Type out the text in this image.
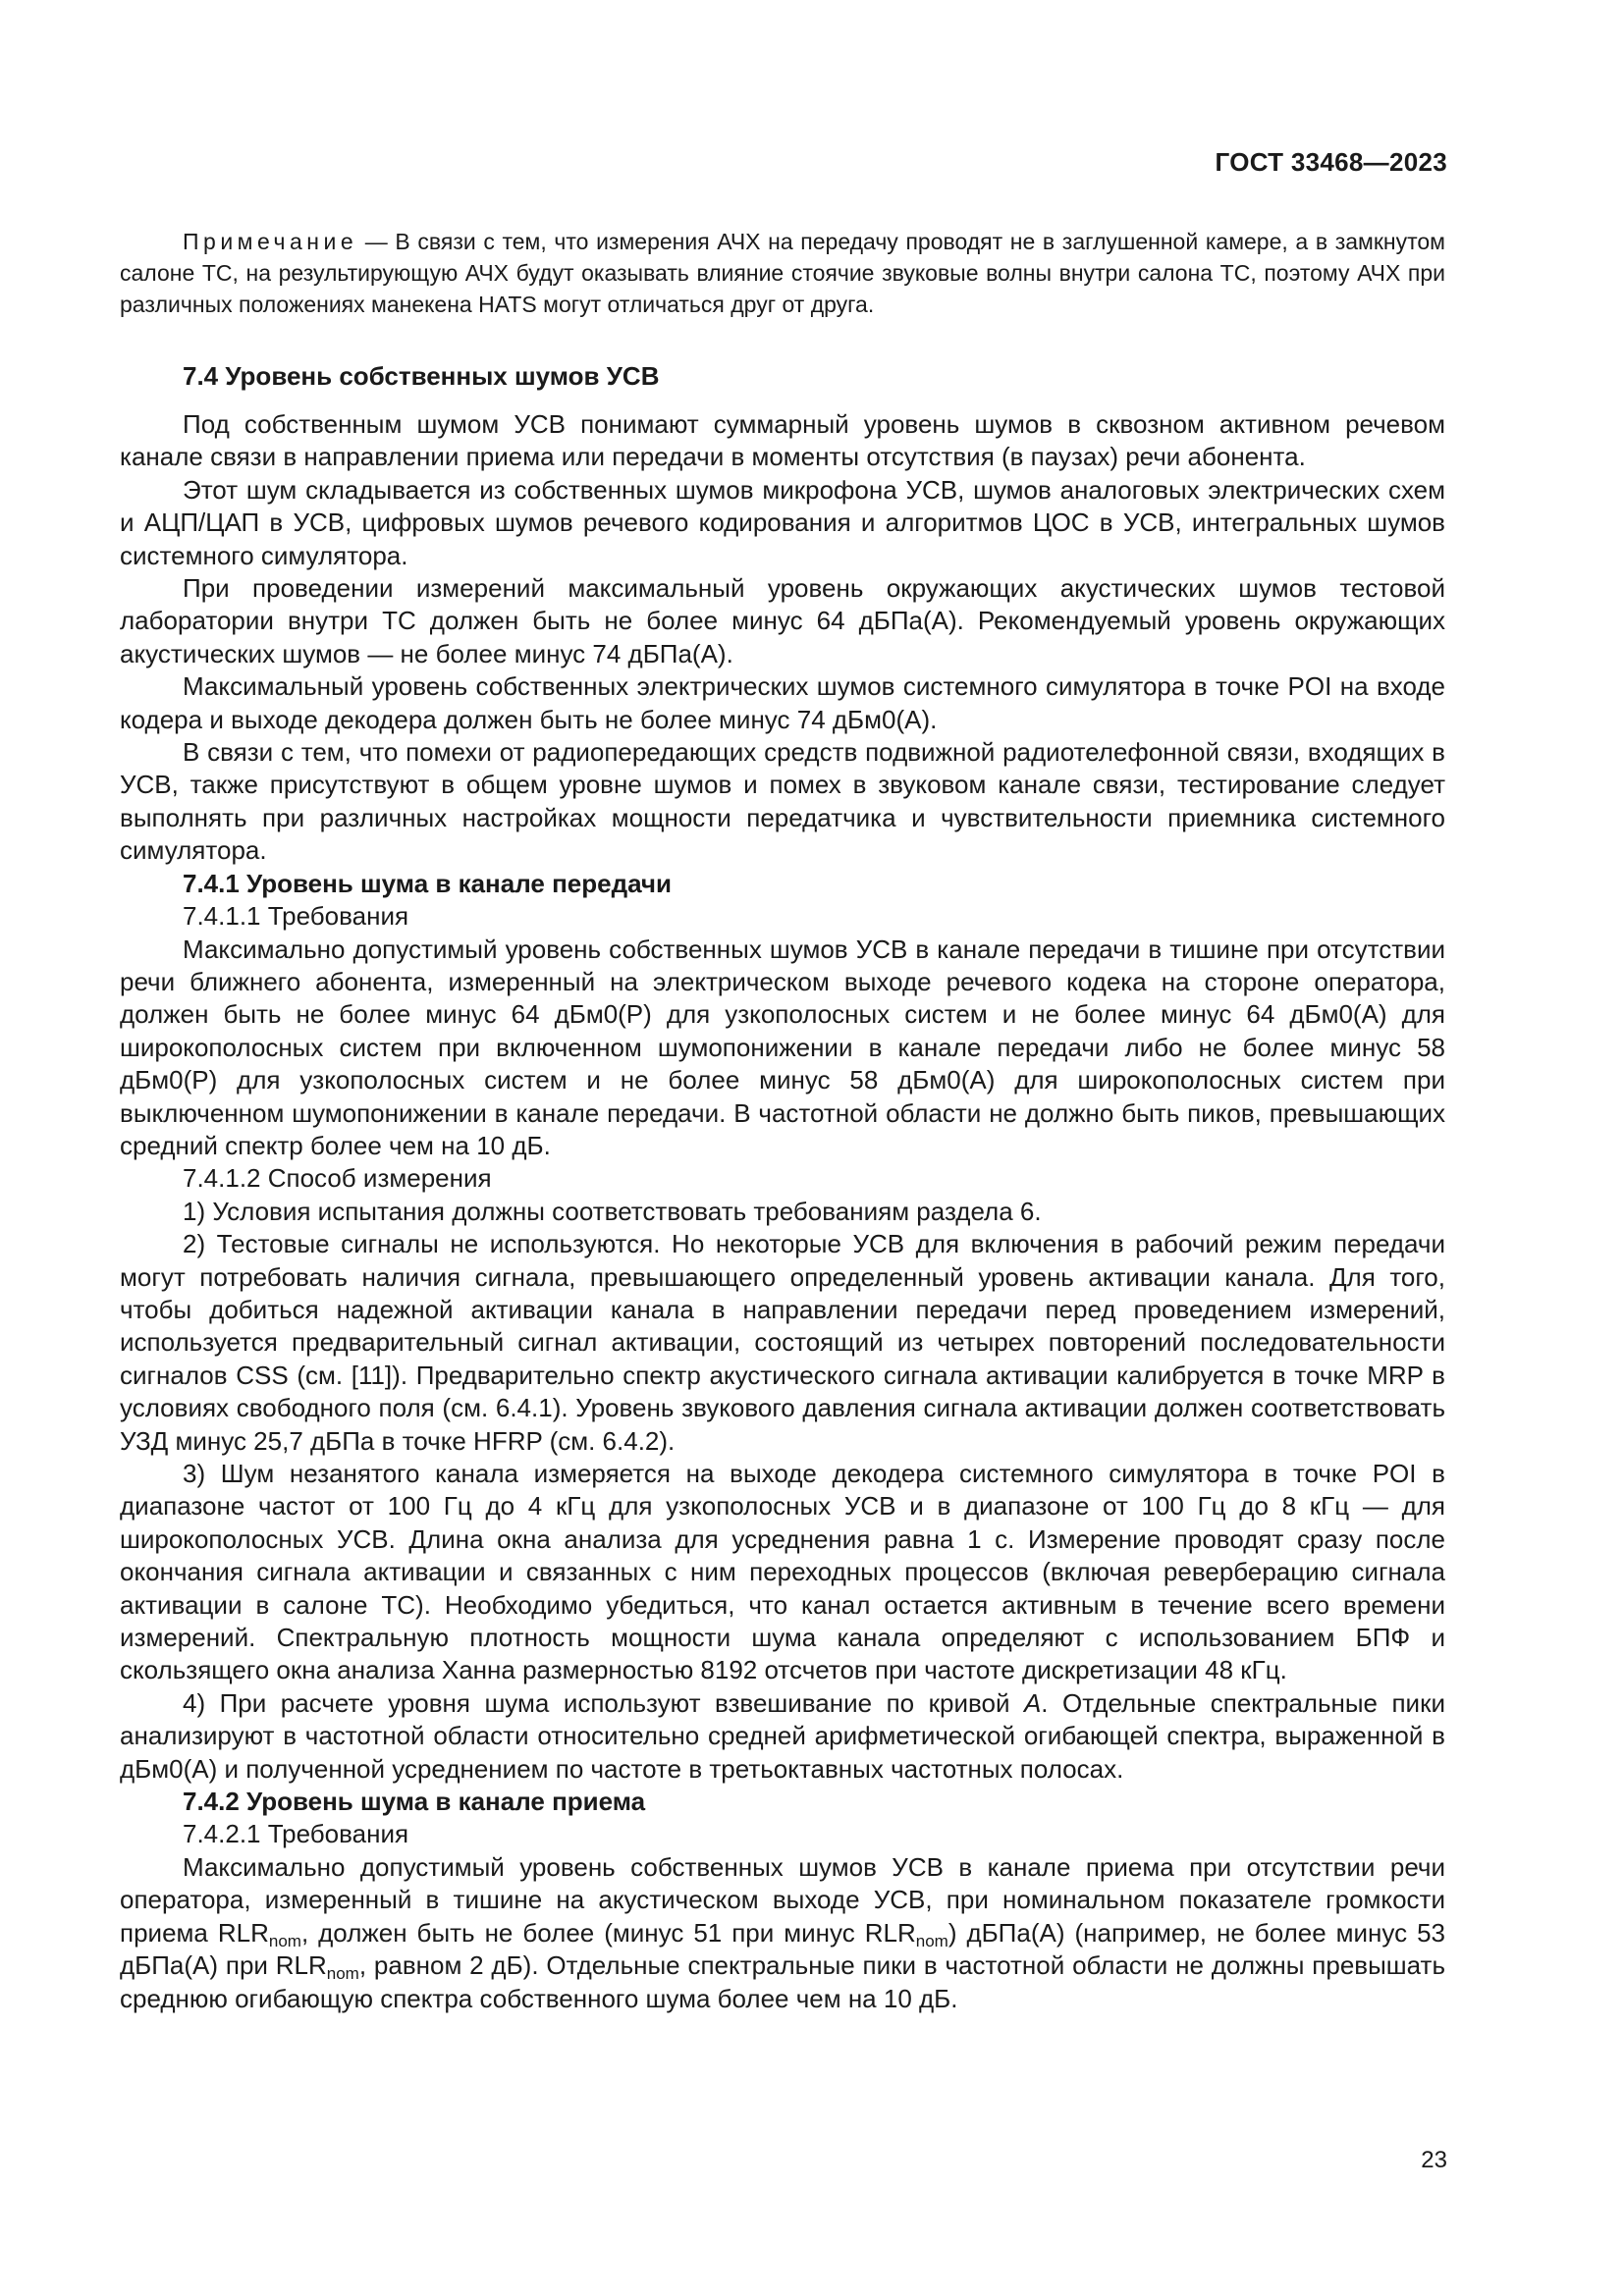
ГОСТ 33468—2023

Примечание — В связи с тем, что измерения АЧХ на передачу проводят не в заглушенной камере, а в замкнутом салоне ТС, на результирующую АЧХ будут оказывать влияние стоячие звуковые волны внутри салона ТС, поэтому АЧХ при различных положениях манекена HATS могут отличаться друг от друга.

7.4 Уровень собственных шумов УСВ

Под собственным шумом УСВ понимают суммарный уровень шумов в сквозном активном речевом канале связи в направлении приема или передачи в моменты отсутствия (в паузах) речи абонента.

Этот шум складывается из собственных шумов микрофона УСВ, шумов аналоговых электрических схем и АЦП/ЦАП в УСВ, цифровых шумов речевого кодирования и алгоритмов ЦОС в УСВ, интегральных шумов системного симулятора.

При проведении измерений максимальный уровень окружающих акустических шумов тестовой лаборатории внутри ТС должен быть не более минус 64 дБПа(А). Рекомендуемый уровень окружающих акустических шумов — не более минус 74 дБПа(А).

Максимальный уровень собственных электрических шумов системного симулятора в точке POI на входе кодера и выходе декодера должен быть не более минус 74 дБм0(А).

В связи с тем, что помехи от радиопередающих средств подвижной радиотелефонной связи, входящих в УСВ, также присутствуют в общем уровне шумов и помех в звуковом канале связи, тестирование следует выполнять при различных настройках мощности передатчика и чувствительности приемника системного симулятора.

7.4.1 Уровень шума в канале передачи
7.4.1.1 Требования

Максимально допустимый уровень собственных шумов УСВ в канале передачи в тишине при отсутствии речи ближнего абонента, измеренный на электрическом выходе речевого кодека на стороне оператора, должен быть не более минус 64 дБм0(Р) для узкополосных систем и не более минус 64 дБм0(А) для широкополосных систем при включенном шумопонижении в канале передачи либо не более минус 58 дБм0(Р) для узкополосных систем и не более минус 58 дБм0(А) для широкополосных систем при выключенном шумопонижении в канале передачи. В частотной области не должно быть пиков, превышающих средний спектр более чем на 10 дБ.

7.4.1.2 Способ измерения

1) Условия испытания должны соответствовать требованиям раздела 6.

2) Тестовые сигналы не используются. Но некоторые УСВ для включения в рабочий режим передачи могут потребовать наличия сигнала, превышающего определенный уровень активации канала. Для того, чтобы добиться надежной активации канала в направлении передачи перед проведением измерений, используется предварительный сигнал активации, состоящий из четырех повторений последовательности сигналов CSS (см. [11]). Предварительно спектр акустического сигнала активации калибруется в точке MRP в условиях свободного поля (см. 6.4.1). Уровень звукового давления сигнала активации должен соответствовать УЗД минус 25,7 дБПа в точке HFRP (см. 6.4.2).

3) Шум незанятого канала измеряется на выходе декодера системного симулятора в точке POI в диапазоне частот от 100 Гц до 4 кГц для узкополосных УСВ и в диапазоне от 100 Гц до 8 кГц — для широкополосных УСВ. Длина окна анализа для усреднения равна 1 с. Измерение проводят сразу после окончания сигнала активации и связанных с ним переходных процессов (включая реверберацию сигнала активации в салоне ТС). Необходимо убедиться, что канал остается активным в течение всего времени измерений. Спектральную плотность мощности шума канала определяют с использованием БПФ и скользящего окна анализа Ханна размерностью 8192 отсчетов при частоте дискретизации 48 кГц.

4) При расчете уровня шума используют взвешивание по кривой А. Отдельные спектральные пики анализируют в частотной области относительно средней арифметической огибающей спектра, выраженной в дБм0(А) и полученной усреднением по частоте в третьоктавных частотных полосах.

7.4.2 Уровень шума в канале приема
7.4.2.1 Требования

Максимально допустимый уровень собственных шумов УСВ в канале приема при отсутствии речи оператора, измеренный в тишине на акустическом выходе УСВ, при номинальном показателе громкости приема $RLR_{nom}$, должен быть не более (минус 51 при минус $RLR_{nom}$) дБПа(А) (например, не более минус 53 дБПа(А) при $RLR_{nom}$, равном 2 дБ). Отдельные спектральные пики в частотной области не должны превышать среднюю огибающую спектра собственного шума более чем на 10 дБ.

23
